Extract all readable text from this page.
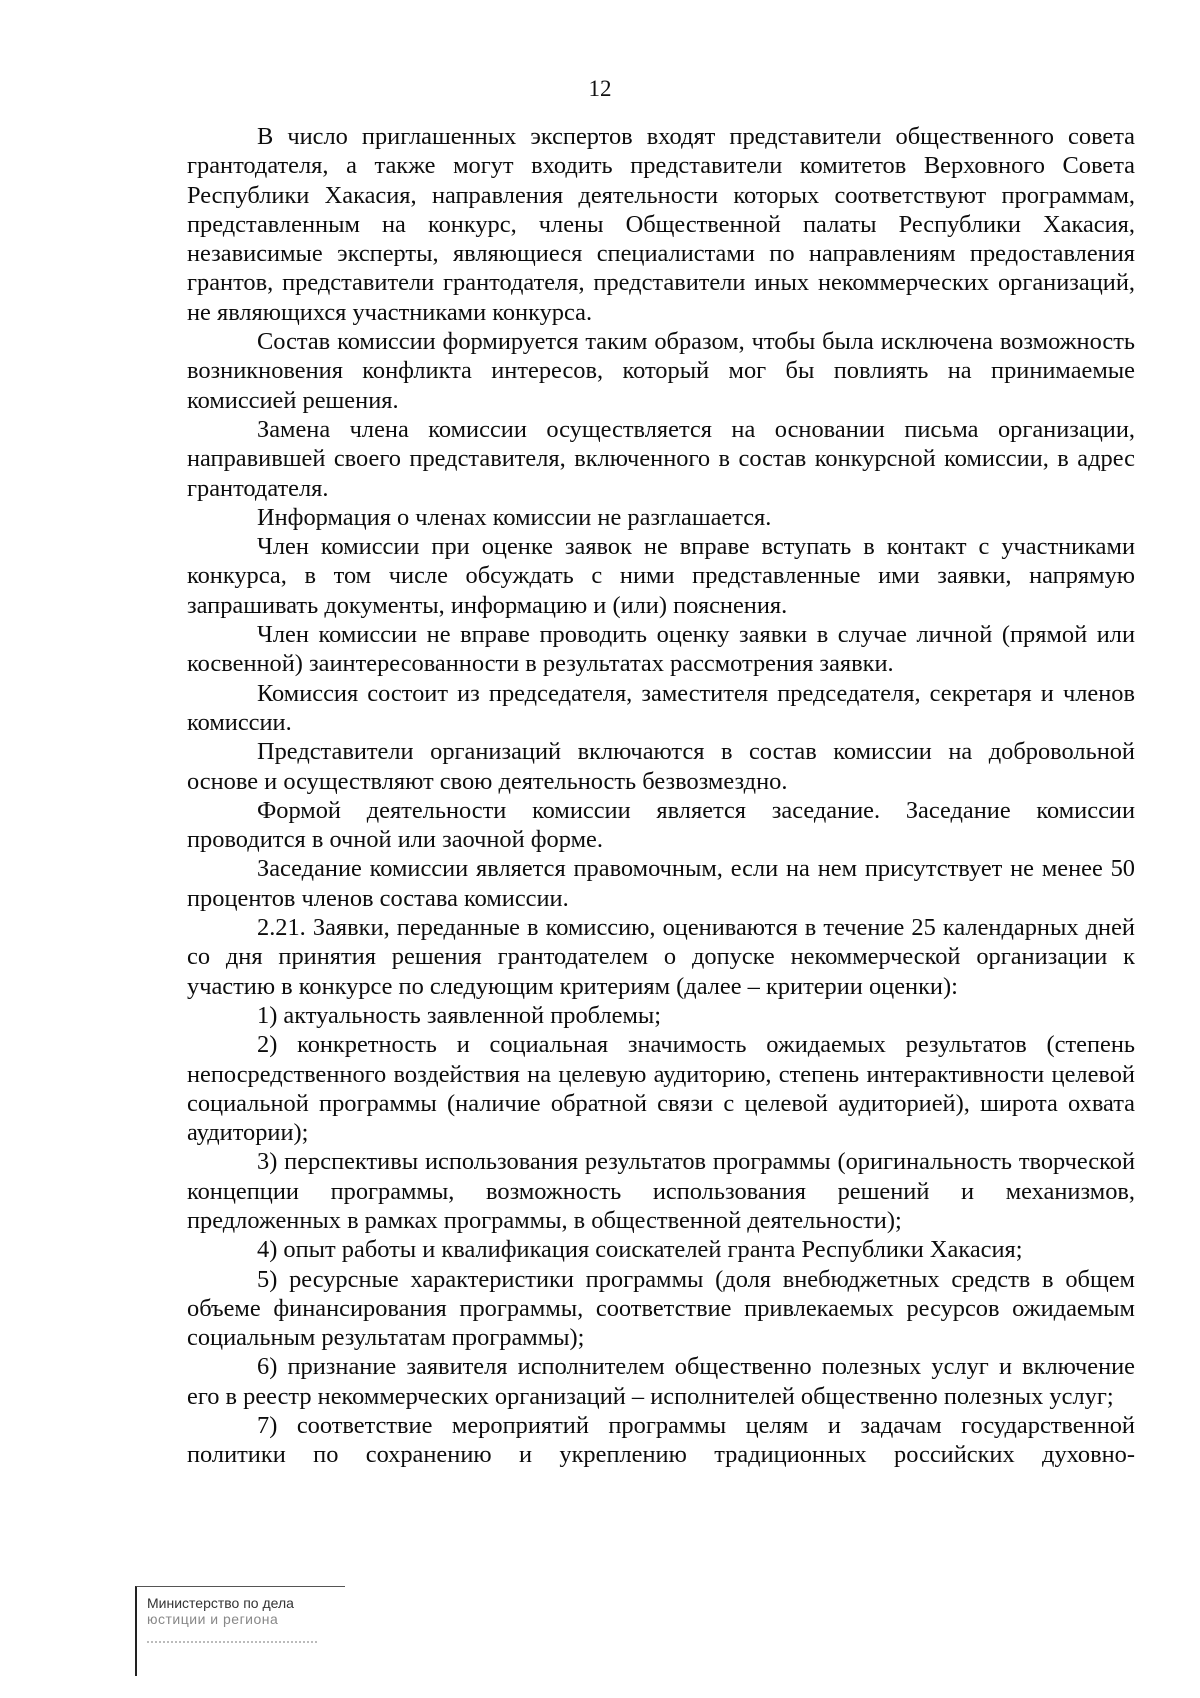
12

В число приглашенных экспертов входят представители общественного совета грантодателя, а также могут входить представители комитетов Верховного Совета Республики Хакасия, направления деятельности которых соответствуют программам, представленным на конкурс, члены Общественной палаты Республики Хакасия, независимые эксперты, являющиеся специалистами по направлениям предоставления грантов, представители грантодателя, представители иных некоммерческих организаций, не являющихся участниками конкурса.

Состав комиссии формируется таким образом, чтобы была исключена возможность возникновения конфликта интересов, который мог бы повлиять на принимаемые комиссией решения.

Замена члена комиссии осуществляется на основании письма организации, направившей своего представителя, включенного в состав конкурсной комиссии, в адрес грантодателя.

Информация о членах комиссии не разглашается.

Член комиссии при оценке заявок не вправе вступать в контакт с участниками конкурса, в том числе обсуждать с ними представленные ими заявки, напрямую запрашивать документы, информацию и (или) пояснения.

Член комиссии не вправе проводить оценку заявки в случае личной (прямой или косвенной) заинтересованности в результатах рассмотрения заявки.

Комиссия состоит из председателя, заместителя председателя, секретаря и членов комиссии.

Представители организаций включаются в состав комиссии на добровольной основе и осуществляют свою деятельность безвозмездно.

Формой деятельности комиссии является заседание. Заседание комиссии проводится в очной или заочной форме.

Заседание комиссии является правомочным, если на нем присутствует не менее 50 процентов членов состава комиссии.

2.21. Заявки, переданные в комиссию, оцениваются в течение 25 календарных дней со дня принятия решения грантодателем о допуске некоммерческой организации к участию в конкурсе по следующим критериям (далее – критерии оценки):

1) актуальность заявленной проблемы;

2) конкретность и социальная значимость ожидаемых результатов (степень непосредственного воздействия на целевую аудиторию, степень интерактивности целевой социальной программы (наличие обратной связи с целевой аудиторией), широта охвата аудитории);

3) перспективы использования результатов программы (оригинальность творческой концепции программы, возможность использования решений и механизмов, предложенных в рамках программы, в общественной деятельности);

4) опыт работы и квалификация соискателей гранта Республики Хакасия;

5) ресурсные характеристики программы (доля внебюджетных средств в общем объеме финансирования программы, соответствие привлекаемых ресурсов ожидаемым социальным результатам программы);

6) признание заявителя исполнителем общественно полезных услуг и включение его в реестр некоммерческих организаций – исполнителей общественно полезных услуг;

7) соответствие мероприятий программы целям и задачам государственной политики по сохранению и укреплению традиционных российских духовно-

Министерство по дела
юстиции и региона
